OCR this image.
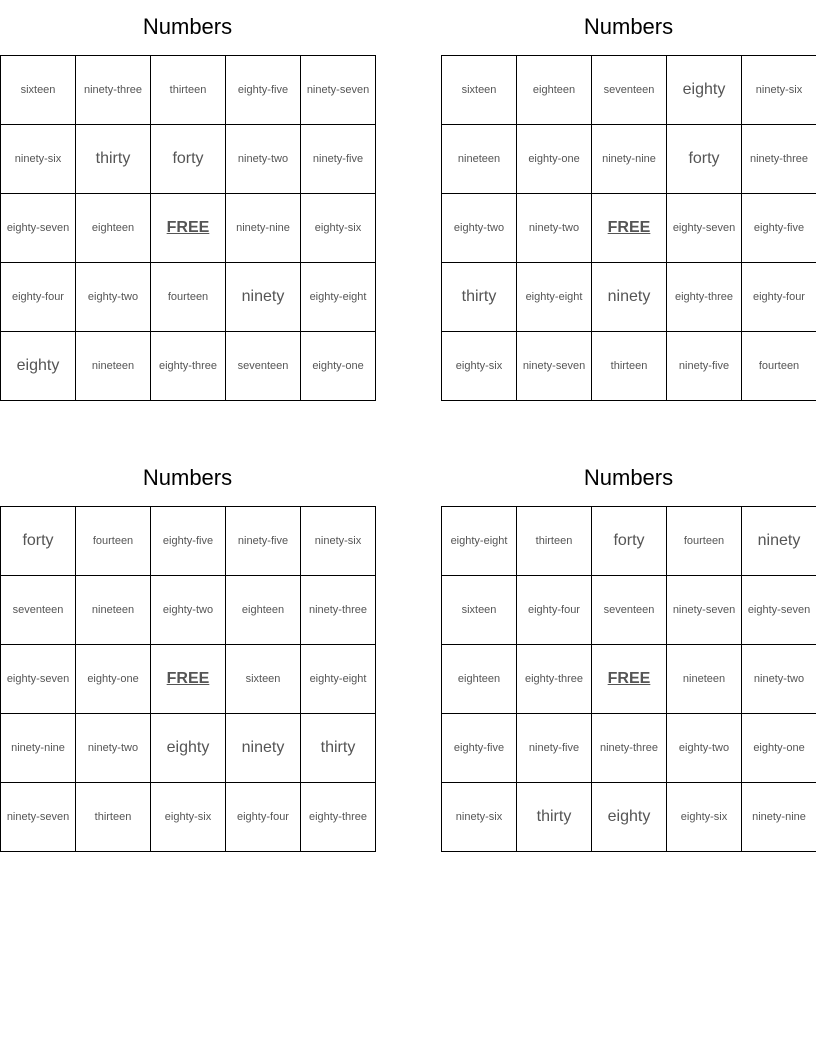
Numbers
sixteen	ninety-three	thirteen	eighty-five	ninety-seven
ninety-six	thirty	forty	ninety-two	ninety-five
eighty-seven	eighteen	FREE	ninety-nine	eighty-six
eighty-four	eighty-two	fourteen	ninety	eighty-eight
eighty	nineteen	eighty-three	seventeen	eighty-one
Numbers
sixteen	eighteen	seventeen	eighty	ninety-six
nineteen	eighty-one	ninety-nine	forty	ninety-three
eighty-two	ninety-two	FREE	eighty-seven	eighty-five
thirty	eighty-eight	ninety	eighty-three	eighty-four
eighty-six	ninety-seven	thirteen	ninety-five	fourteen
Numbers
forty	fourteen	eighty-five	ninety-five	ninety-six
seventeen	nineteen	eighty-two	eighteen	ninety-three
eighty-seven	eighty-one	FREE	sixteen	eighty-eight
ninety-nine	ninety-two	eighty	ninety	thirty
ninety-seven	thirteen	eighty-six	eighty-four	eighty-three
Numbers
eighty-eight	thirteen	forty	fourteen	ninety
sixteen	eighty-four	seventeen	ninety-seven	eighty-seven
eighteen	eighty-three	FREE	nineteen	ninety-two
eighty-five	ninety-five	ninety-three	eighty-two	eighty-one
ninety-six	thirty	eighty	eighty-six	ninety-nine
